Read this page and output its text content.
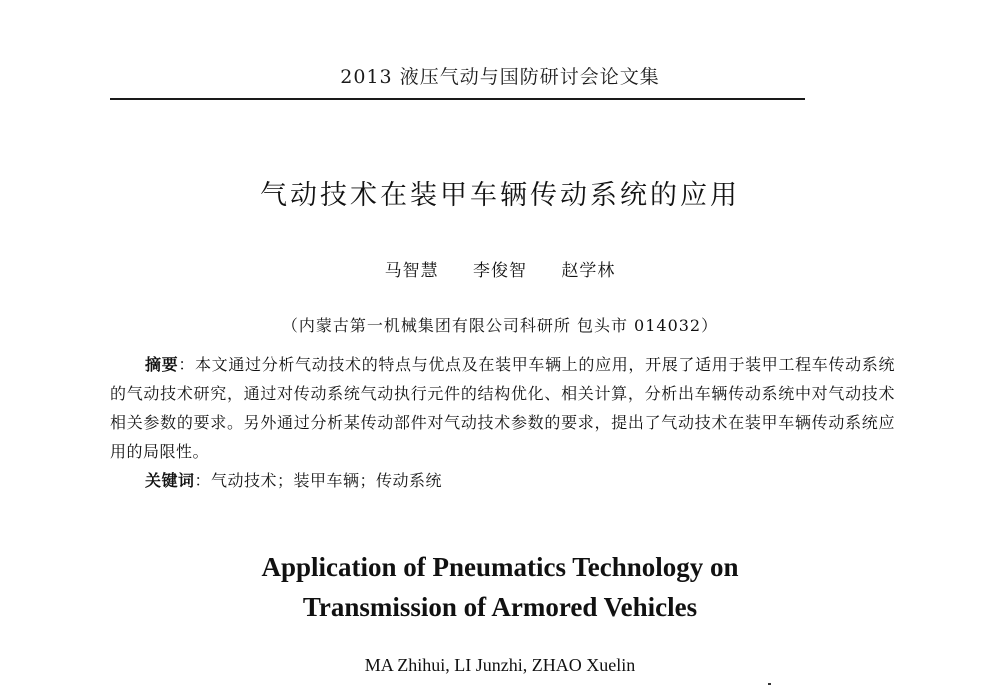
2013 液压气动与国防研讨会论文集
气动技术在装甲车辆传动系统的应用
马智慧 李俊智 赵学林
（内蒙古第一机械集团有限公司科研所 包头市 014032）
摘要：本文通过分析气动技术的特点与优点及在装甲车辆上的应用，开展了适用于装甲工程车传动系统的气动技术研究，通过对传动系统气动执行元件的结构优化、相关计算，分析出车辆传动系统中对气动技术相关参数的要求。另外通过分析某传动部件对气动技术参数的要求，提出了气动技术在装甲车辆传动系统应用的局限性。
关键词：气动技术；装甲车辆；传动系统
Application of Pneumatics Technology on
Transmission of Armored Vehicles
MA Zhihui, LI Junzhi, ZHAO Xuelin
